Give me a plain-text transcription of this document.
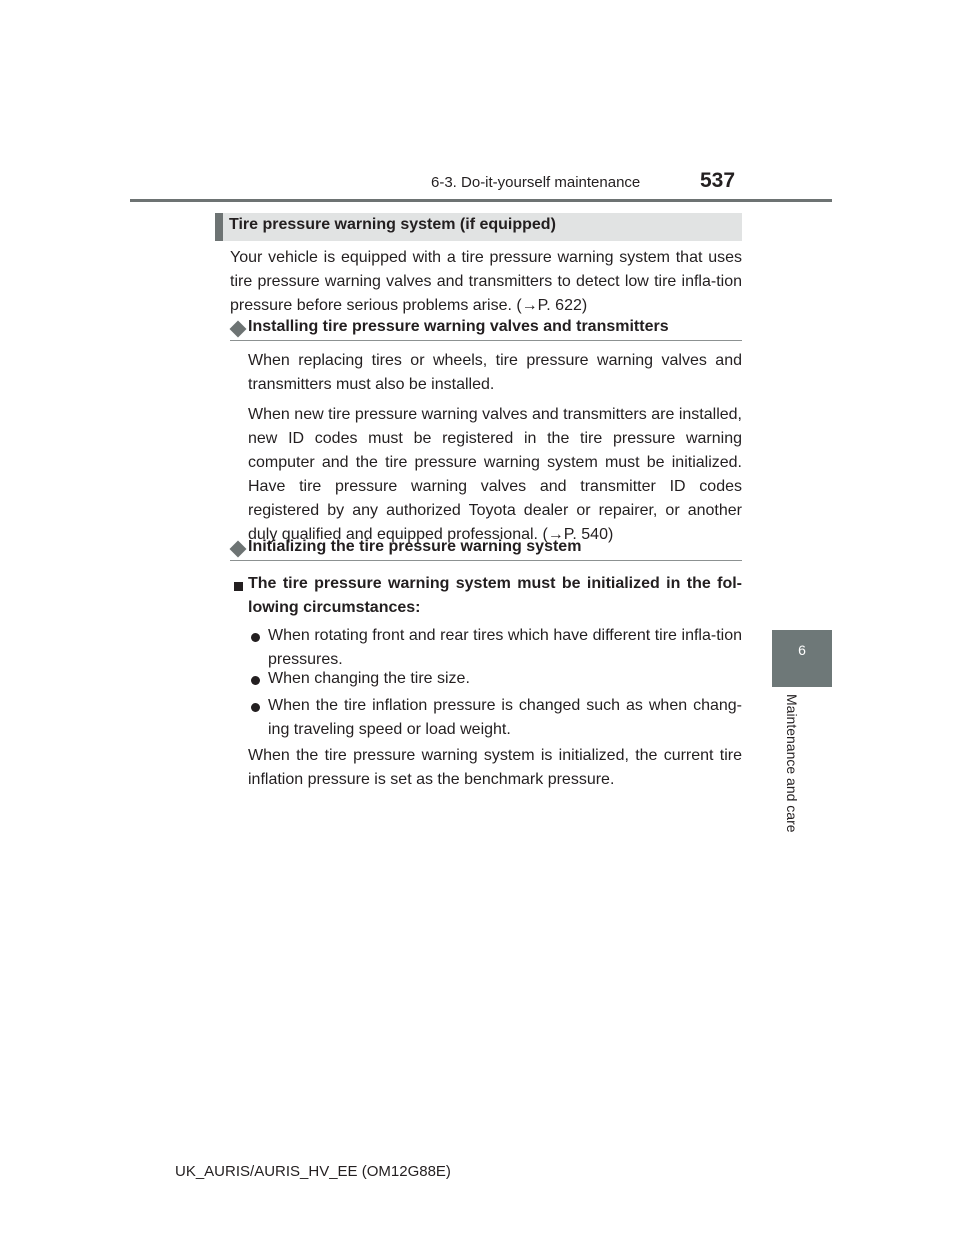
6-3. Do-it-yourself maintenance	537
6
Maintenance and care
Tire pressure warning system (if equipped)
Your vehicle is equipped with a tire pressure warning system that uses tire pressure warning valves and transmitters to detect low tire infla-tion pressure before serious problems arise. (→P. 622)
Installing tire pressure warning valves and transmitters
When replacing tires or wheels, tire pressure warning valves and transmitters must also be installed.
When new tire pressure warning valves and transmitters are installed, new ID codes must be registered in the tire pressure warning computer and the tire pressure warning system must be initialized. Have tire pressure warning valves and transmitter ID codes registered by any authorized Toyota dealer or repairer, or another duly qualified and equipped professional. (→P. 540)
Initializing the tire pressure warning system
The tire pressure warning system must be initialized in the fol-lowing circumstances:
When rotating front and rear tires which have different tire infla-tion pressures.
When changing the tire size.
When the tire inflation pressure is changed such as when chang-ing traveling speed or load weight.
When the tire pressure warning system is initialized, the current tire inflation pressure is set as the benchmark pressure.
UK_AURIS/AURIS_HV_EE (OM12G88E)
